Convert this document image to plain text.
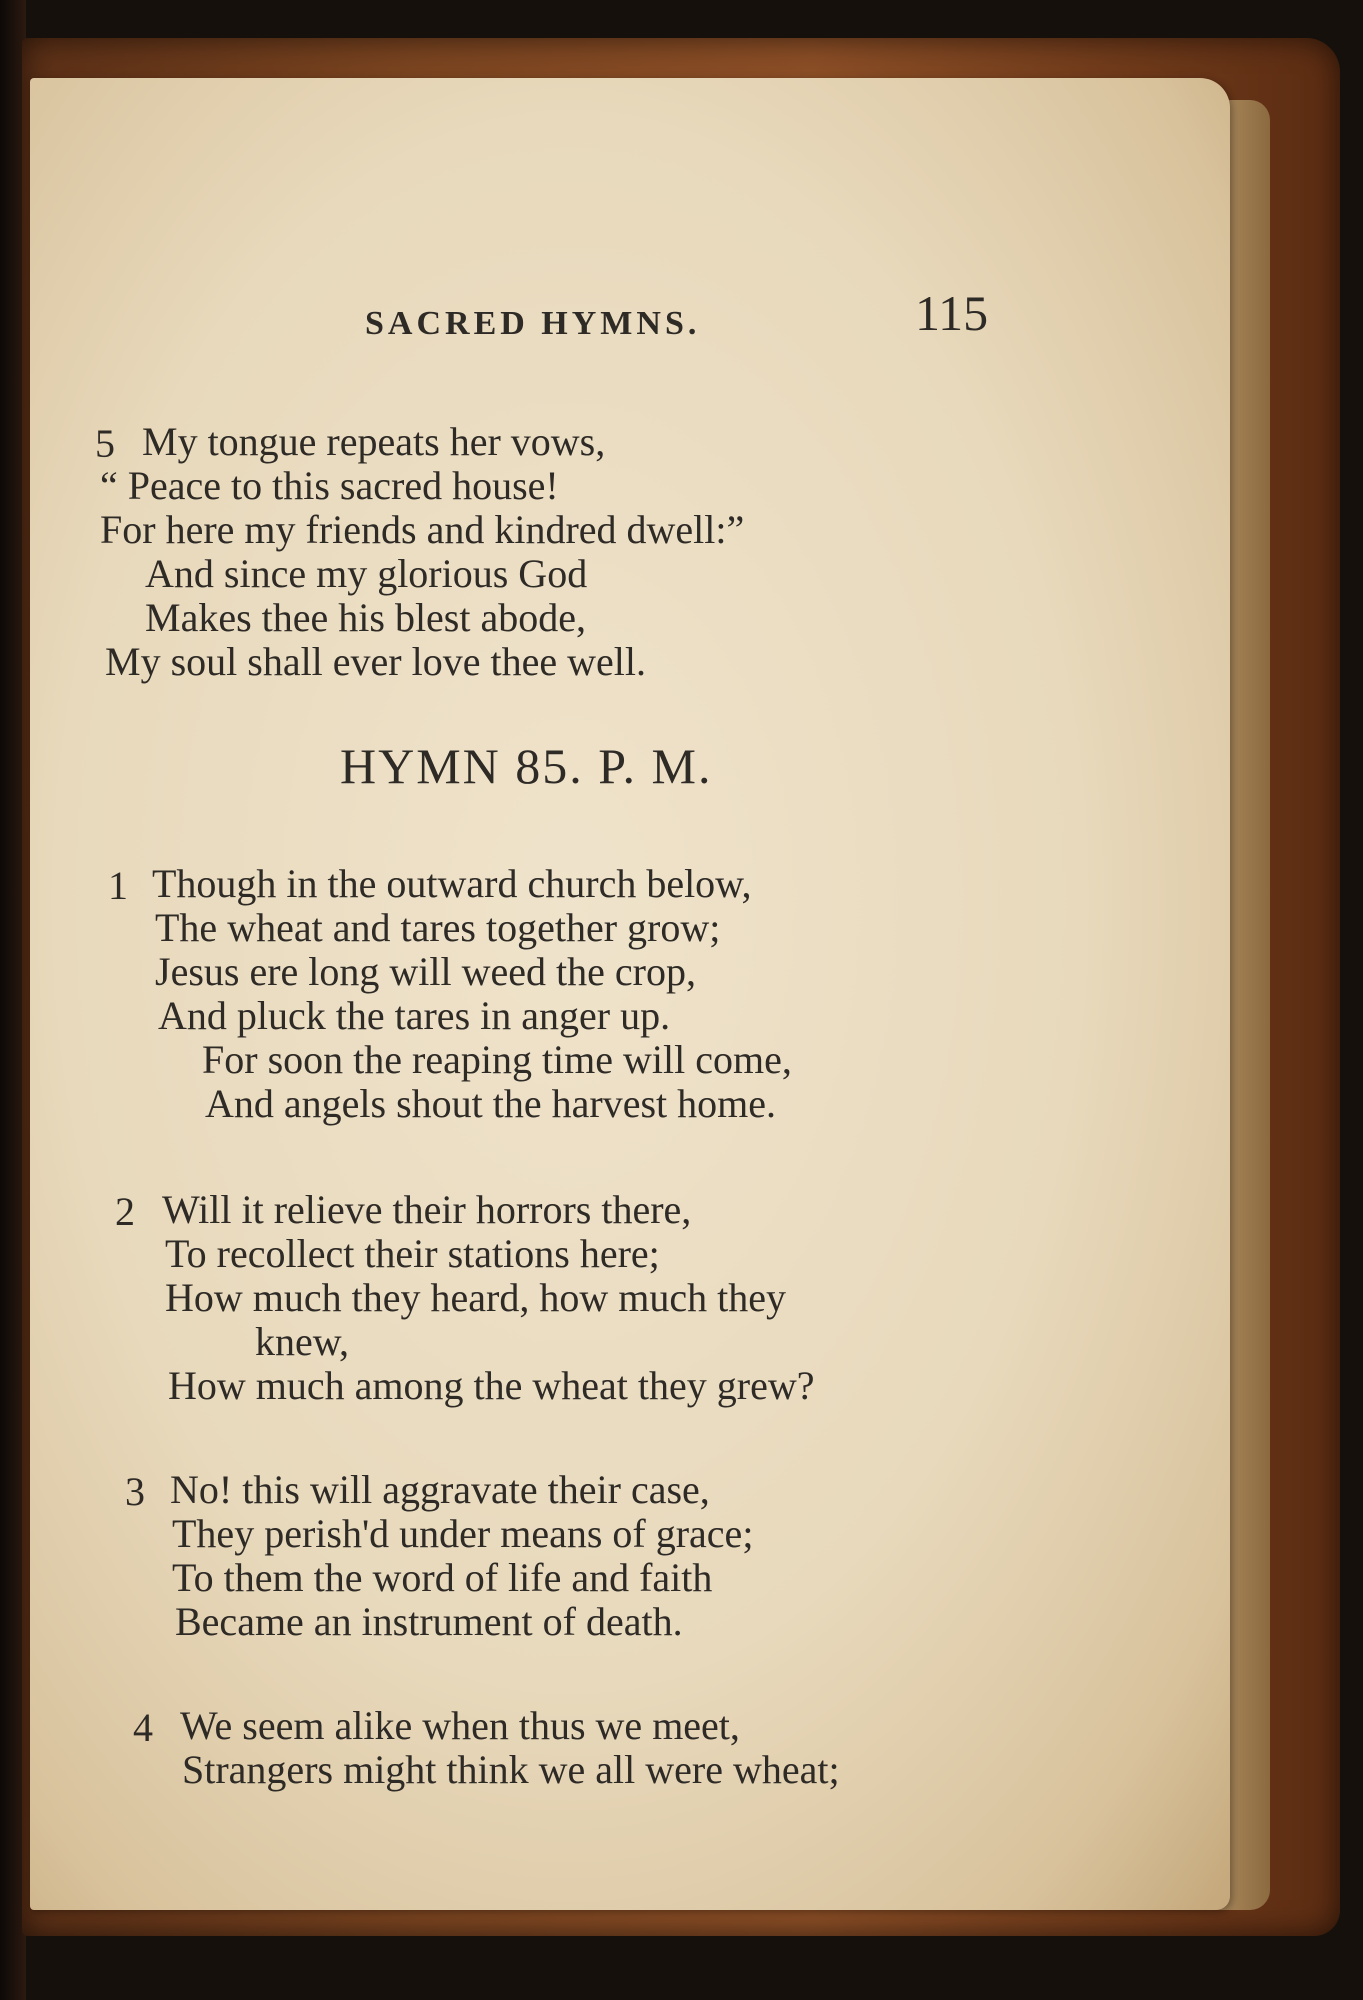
SACRED HYMNS.	115
5 My tongue repeats her vows,
“ Peace to this sacred house!
For here my friends and kindred dwell:”
And since my glorious God
Makes thee his blest abode,
My soul shall ever love thee well.
HYMN 85. P. M.
1 Though in the outward church below,
The wheat and tares together grow;
Jesus ere long will weed the crop,
And pluck the tares in anger up.
For soon the reaping time will come,
And angels shout the harvest home.
2 Will it relieve their horrors there,
To recollect their stations here;
How much they heard, how much they
knew,
How much among the wheat they grew?
3 No! this will aggravate their case,
They perish'd under means of grace;
To them the word of life and faith
Became an instrument of death.
4 We seem alike when thus we meet,
Strangers might think we all were wheat;
